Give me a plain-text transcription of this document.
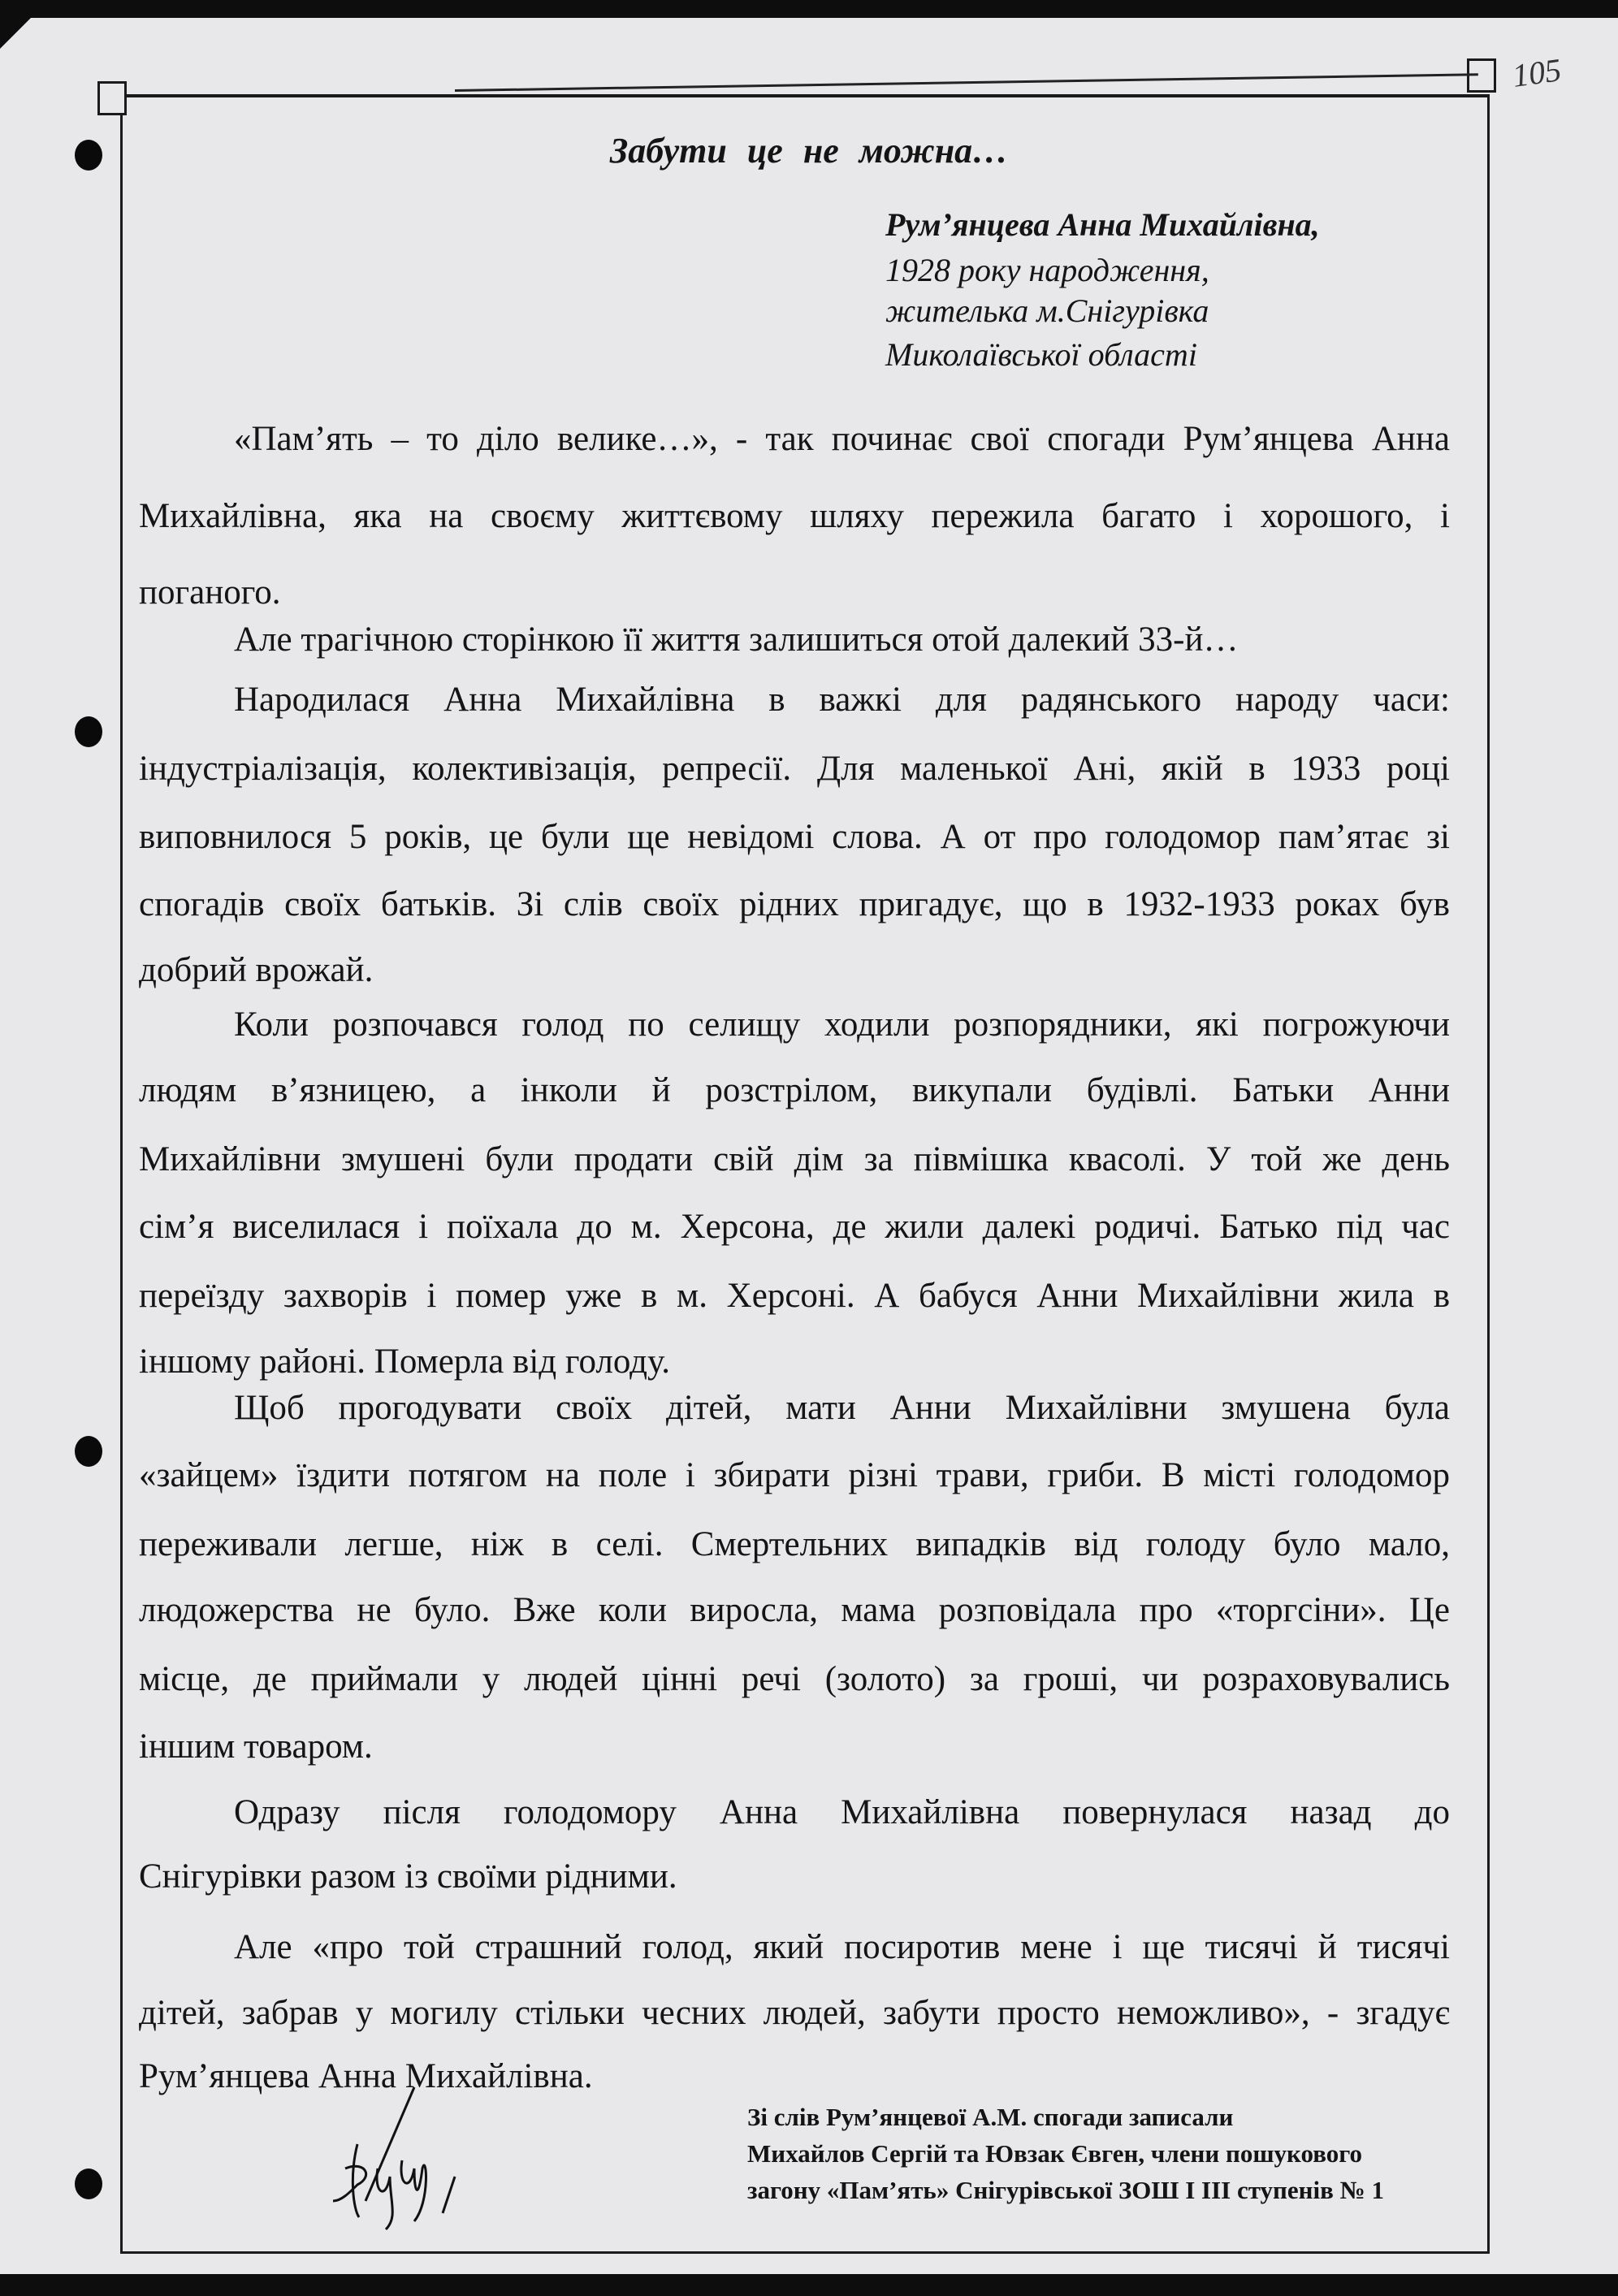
105
Забути це не можна…
Рум’янцева Анна Михайлівна,
1928 року народження,
жителька м.Снігурівка
Миколаївської області
«Пам’ять – то діло велике…», - так починає свої спогади Рум’янцева Анна
Михайлівна, яка на своєму життєвому шляху пережила багато і хорошого, і
поганого.
Але трагічною сторінкою її життя залишиться отой далекий 33-й…
Народилася Анна Михайлівна в важкі для радянського народу часи:
індустріалізація, колективізація, репресії. Для маленької Ані, якій в 1933 році
виповнилося 5 років, це були ще невідомі слова. А от про голодомор пам’ятає зі
спогадів своїх батьків. Зі слів своїх рідних пригадує, що в 1932-1933 роках був
добрий врожай.
Коли розпочався голод по селищу ходили розпорядники, які погрожуючи
людям в’язницею, а інколи й розстрілом, викупали будівлі. Батьки Анни
Михайлівни змушені були продати свій дім за півмішка квасолі. У той же день
сім’я виселилася і поїхала до м. Херсона, де жили далекі родичі. Батько під час
переїзду захворів і помер уже в м. Херсоні. А бабуся Анни Михайлівни жила в
іншому районі. Померла від голоду.
Щоб прогодувати своїх дітей, мати Анни Михайлівни змушена була
«зайцем» їздити потягом на поле і збирати різні трави, гриби. В місті голодомор
переживали легше, ніж в селі. Смертельних випадків від голоду було мало,
людожерства не було. Вже коли виросла, мама розповідала про «торгсіни». Це
місце, де приймали у людей цінні речі (золото) за гроші, чи розраховувались
іншим товаром.
Одразу після голодомору Анна Михайлівна повернулася назад до
Снігурівки разом із своїми рідними.
Але «про той страшний голод, який посиротив мене і ще тисячі й тисячі
дітей, забрав у могилу стільки чесних людей, забути просто неможливо», - згадує
Рум’янцева Анна Михайлівна.
Зі слів Рум’янцевої А.М. спогади записали
Михайлов Сергій та Ювзак Євген, члени пошукового
загону «Пам’ять» Снігурівської ЗОШ І ІІІ ступенів № 1
